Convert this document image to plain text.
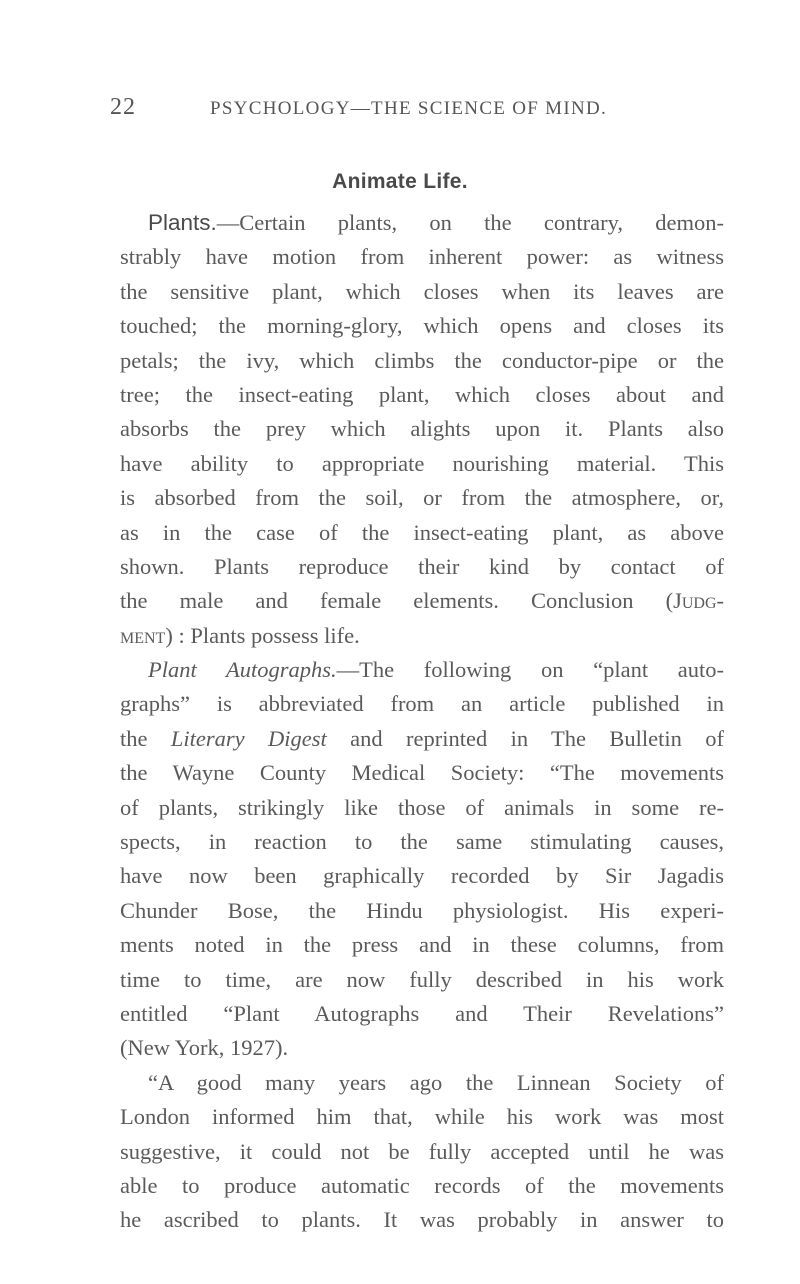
22	PSYCHOLOGY—THE SCIENCE OF MIND.
Animate Life.
Plants.—Certain plants, on the contrary, demon-
strably have motion from inherent power: as witness
the sensitive plant, which closes when its leaves are
touched; the morning-glory, which opens and closes its
petals; the ivy, which climbs the conductor-pipe or the
tree; the insect-eating plant, which closes about and
absorbs the prey which alights upon it. Plants also
have ability to appropriate nourishing material. This
is absorbed from the soil, or from the atmosphere, or,
as in the case of the insect-eating plant, as above
shown. Plants reproduce their kind by contact of
the male and female elements. Conclusion (Judg-
ment) : Plants possess life.
Plant Autographs.—The following on “plant auto-
graphs” is abbreviated from an article published in
the Literary Digest and reprinted in The Bulletin of
the Wayne County Medical Society: “The movements
of plants, strikingly like those of animals in some re-
spects, in reaction to the same stimulating causes,
have now been graphically recorded by Sir Jagadis
Chunder Bose, the Hindu physiologist. His experi-
ments noted in the press and in these columns, from
time to time, are now fully described in his work
entitled “Plant Autographs and Their Revelations”
(New York, 1927).
“A good many years ago the Linnean Society of
London informed him that, while his work was most
suggestive, it could not be fully accepted until he was
able to produce automatic records of the movements
he ascribed to plants. It was probably in answer to
